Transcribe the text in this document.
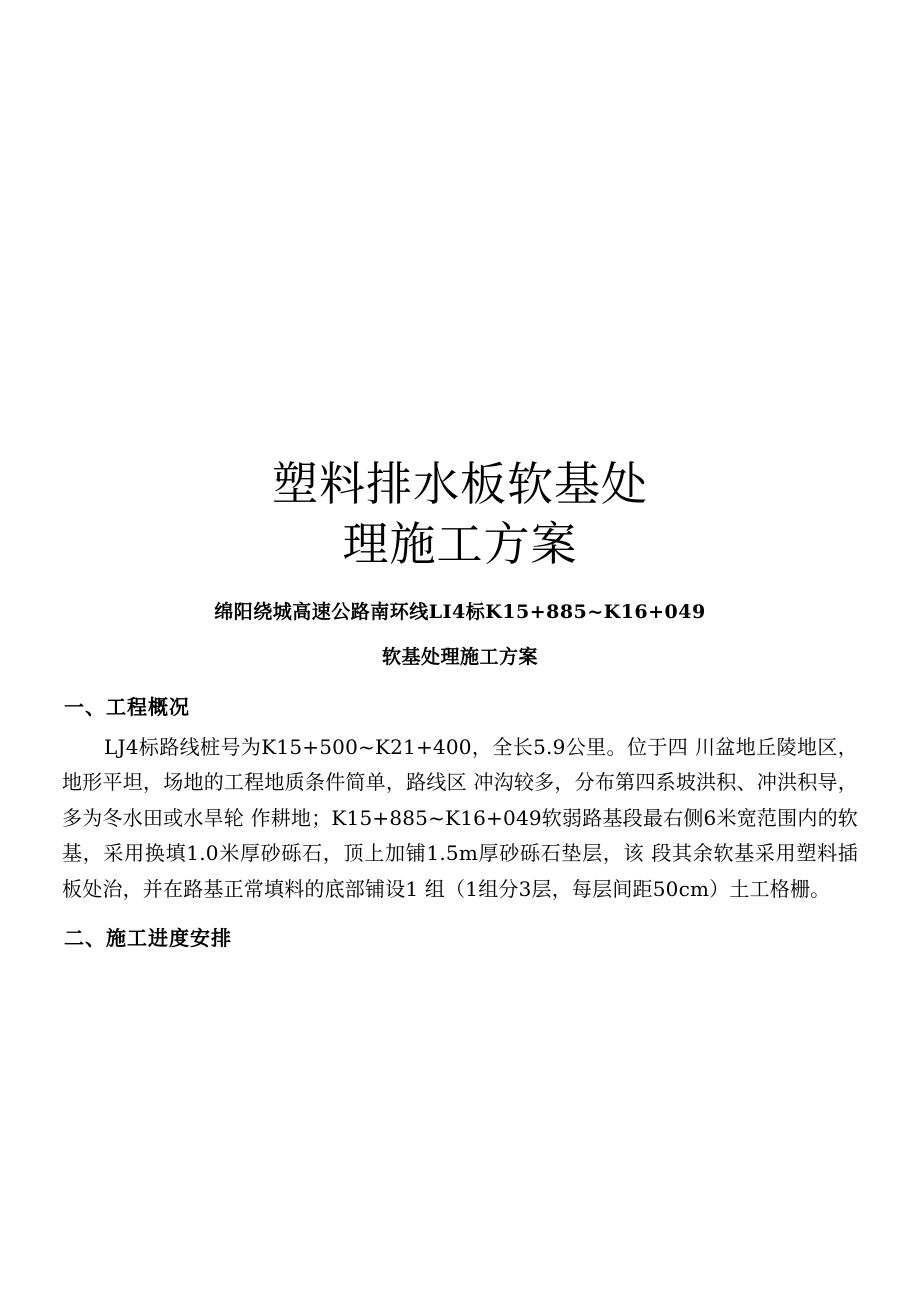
塑料排水板软基处
理施工方案
绵阳绕城高速公路南环线LI4标K15+885~K16+049
软基处理施工方案
一、工程概况
LJ4标路线桩号为K15+500~K21+400，全长5.9公里。位于四 川盆地丘陵地区，地形平坦，场地的工程地质条件简单，路线区 冲沟较多，分布第四系坡洪积、冲洪积导，多为冬水田或水旱轮 作耕地；K15+885~K16+049软弱路基段最右侧6米宽范围内的软 基，采用换填1.0米厚砂砾石，顶上加铺1.5m厚砂砾石垫层，该 段其余软基采用塑料插板处治，并在路基正常填料的底部铺设1 组（1组分3层，每层间距50cm）土工格栅。
二、施工进度安排
